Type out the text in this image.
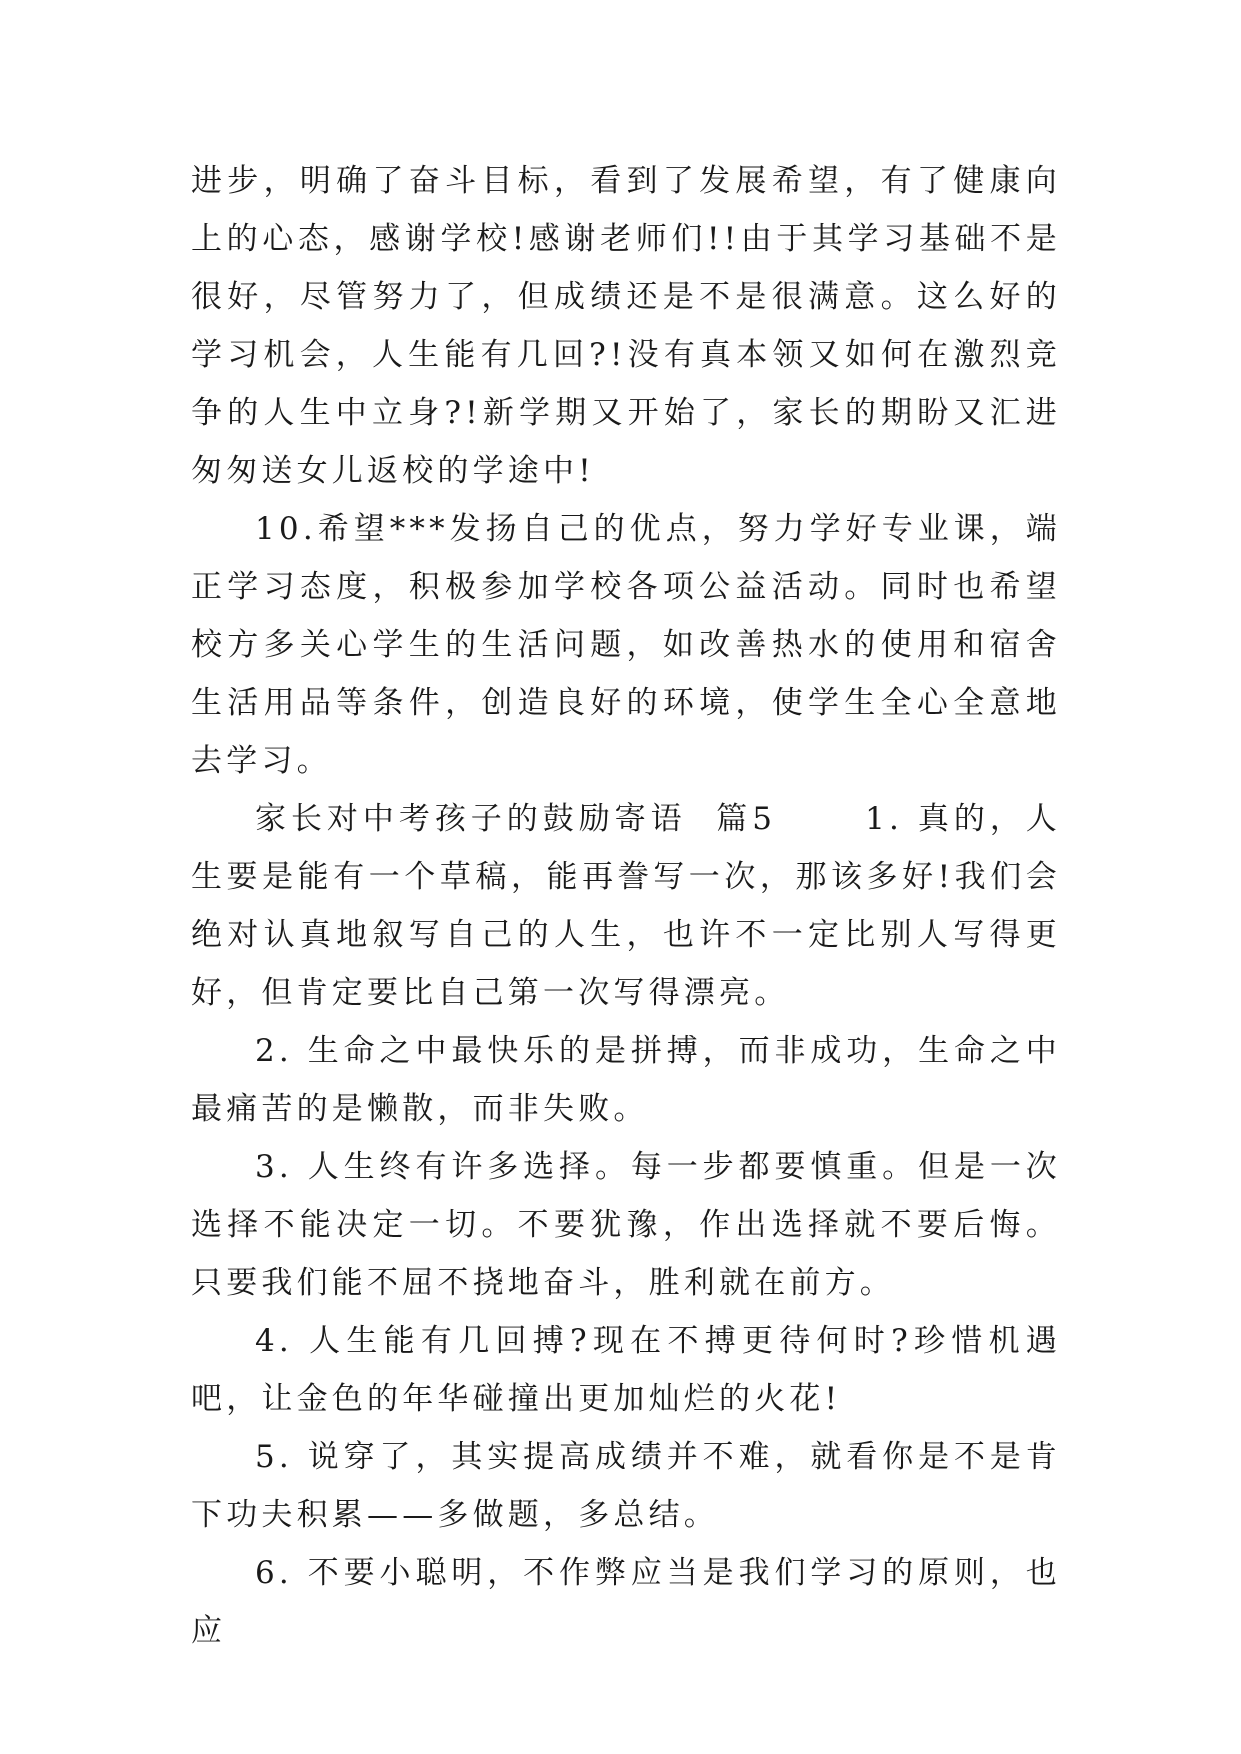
进步，明确了奋斗目标，看到了发展希望，有了健康向上的心态，感谢学校!感谢老师们!!由于其学习基础不是很好，尽管努力了，但成绩还是不是很满意。这么好的学习机会，人生能有几回?!没有真本领又如何在激烈竞争的人生中立身?!新学期又开始了，家长的期盼又汇进匆匆送女儿返校的学途中!

10.希望***发扬自己的优点，努力学好专业课，端正学习态度，积极参加学校各项公益活动。同时也希望校方多关心学生的生活问题，如改善热水的使用和宿舍生活用品等条件，创造良好的环境，使学生全心全意地去学习。

家长对中考孩子的鼓励寄语  篇5      1. 真的，人生要是能有一个草稿，能再誊写一次，那该多好!我们会绝对认真地叙写自己的人生，也许不一定比别人写得更好，但肯定要比自己第一次写得漂亮。

2. 生命之中最快乐的是拼搏，而非成功，生命之中最痛苦的是懒散，而非失败。

3. 人生终有许多选择。每一步都要慎重。但是一次选择不能决定一切。不要犹豫，作出选择就不要后悔。只要我们能不屈不挠地奋斗，胜利就在前方。

4. 人生能有几回搏?现在不搏更待何时?珍惜机遇吧，让金色的年华碰撞出更加灿烂的火花!

5. 说穿了，其实提高成绩并不难，就看你是不是肯下功夫积累——多做题，多总结。

6. 不要小聪明，不作弊应当是我们学习的原则，也应
